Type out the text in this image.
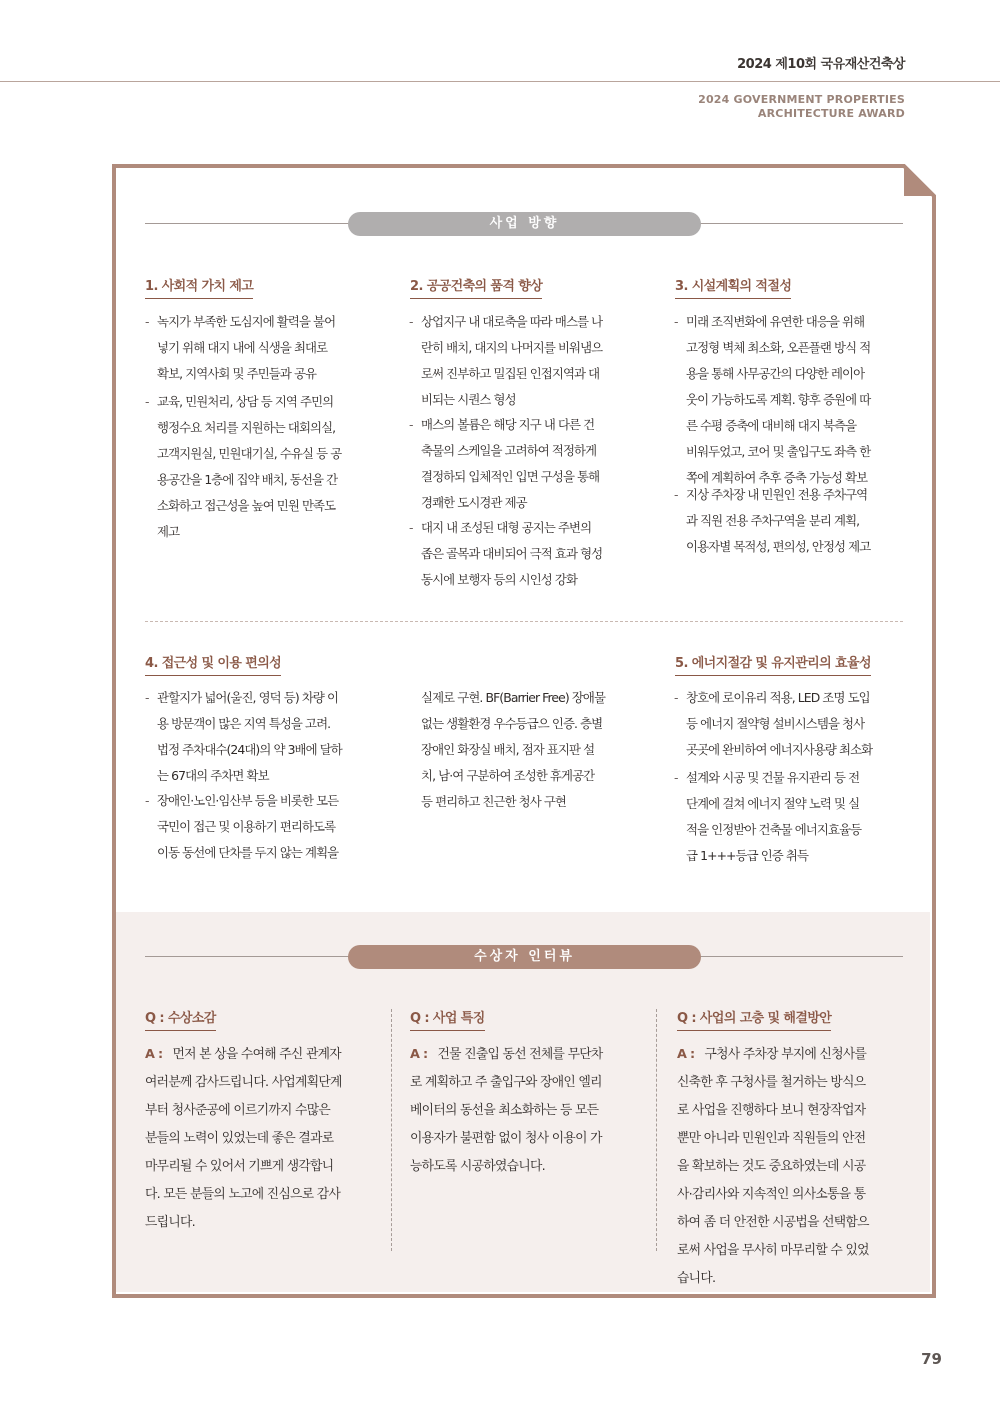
2024 제10회 국유재산건축상
2024 GOVERNMENT PROPERTIES
ARCHITECTURE AWARD
사업 방향
1. 사회적 가치 제고	2. 공공건축의 품격 향상	3. 시설계획의 적절성
- 녹지가 부족한 도심지에 활력을 불어
넣기 위해 대지 내에 식생을 최대로
확보, 지역사회 및 주민들과 공유
- 교육, 민원처리, 상담 등 지역 주민의
행정수요 처리를 지원하는 대회의실,
고객지원실, 민원대기실, 수유실 등 공
용공간을 1층에 집약 배치, 동선을 간
소화하고 접근성을 높여 민원 만족도
제고
- 상업지구 내 대로축을 따라 매스를 나
란히 배치, 대지의 나머지를 비워냄으
로써 진부하고 밀집된 인접지역과 대
비되는 시퀀스 형성
- 매스의 볼륨은 해당 지구 내 다른 건
축물의 스케일을 고려하여 적정하게
결정하되 입체적인 입면 구성을 통해
경쾌한 도시경관 제공
- 대지 내 조성된 대형 공지는 주변의
좁은 골목과 대비되어 극적 효과 형성
동시에 보행자 등의 시인성 강화
- 미래 조직변화에 유연한 대응을 위해
고정형 벽체 최소화, 오픈플랜 방식 적
용을 통해 사무공간의 다양한 레이아
웃이 가능하도록 계획. 향후 증원에 따
른 수평 증축에 대비해 대지 북측을
비워두었고, 코어 및 출입구도 좌측 한
쪽에 계획하여 추후 증축 가능성 확보
- 지상 주차장 내 민원인 전용 주차구역
과 직원 전용 주차구역을 분리 계획,
이용자별 목적성, 편의성, 안정성 제고
4. 접근성 및 이용 편의성	5. 에너지절감 및 유지관리의 효율성
- 관할지가 넓어(울진, 영덕 등) 차량 이
용 방문객이 많은 지역 특성을 고려.
법정 주차대수(24대)의 약 3배에 달하
는 67대의 주차면 확보
- 장애인·노인·임산부 등을 비롯한 모든
국민이 접근 및 이용하기 편리하도록
이동 동선에 단차를 두지 않는 계획을
실제로 구현. BF(Barrier Free) 장애물
없는 생활환경 우수등급으 인증. 층별
장애인 화장실 배치, 점자 표지판 설
치, 남·여 구분하여 조성한 휴게공간
등 편리하고 친근한 청사 구현
- 창호에 로이유리 적용, LED 조명 도입
등 에너지 절약형 설비시스템을 청사
곳곳에 완비하여 에너지사용량 최소화
- 설계와 시공 및 건물 유지관리 등 전
단계에 걸쳐 에너지 절약 노력 및 실
적을 인정받아 건축물 에너지효율등
급 1+++등급 인증 취득
수상자 인터뷰
Q : 수상소감	Q : 사업 특징	Q : 사업의 고충 및 해결방안
A : 먼저 본 상을 수여해 주신 관계자
여러분께 감사드립니다. 사업계획단계
부터 청사준공에 이르기까지 수많은
분들의 노력이 있었는데 좋은 결과로
마무리될 수 있어서 기쁘게 생각합니
다. 모든 분들의 노고에 진심으로 감사
드립니다.
A : 건물 진출입 동선 전체를 무단차
로 계획하고 주 출입구와 장애인 엘리
베이터의 동선을 최소화하는 등 모든
이용자가 불편함 없이 청사 이용이 가
능하도록 시공하였습니다.
A : 구청사 주차장 부지에 신청사를
신축한 후 구청사를 철거하는 방식으
로 사업을 진행하다 보니 현장작업자
뿐만 아니라 민원인과 직원들의 안전
을 확보하는 것도 중요하였는데 시공
사·감리사와 지속적인 의사소통을 통
하여 좀 더 안전한 시공법을 선택함으
로써 사업을 무사히 마무리할 수 있었
습니다.
79
